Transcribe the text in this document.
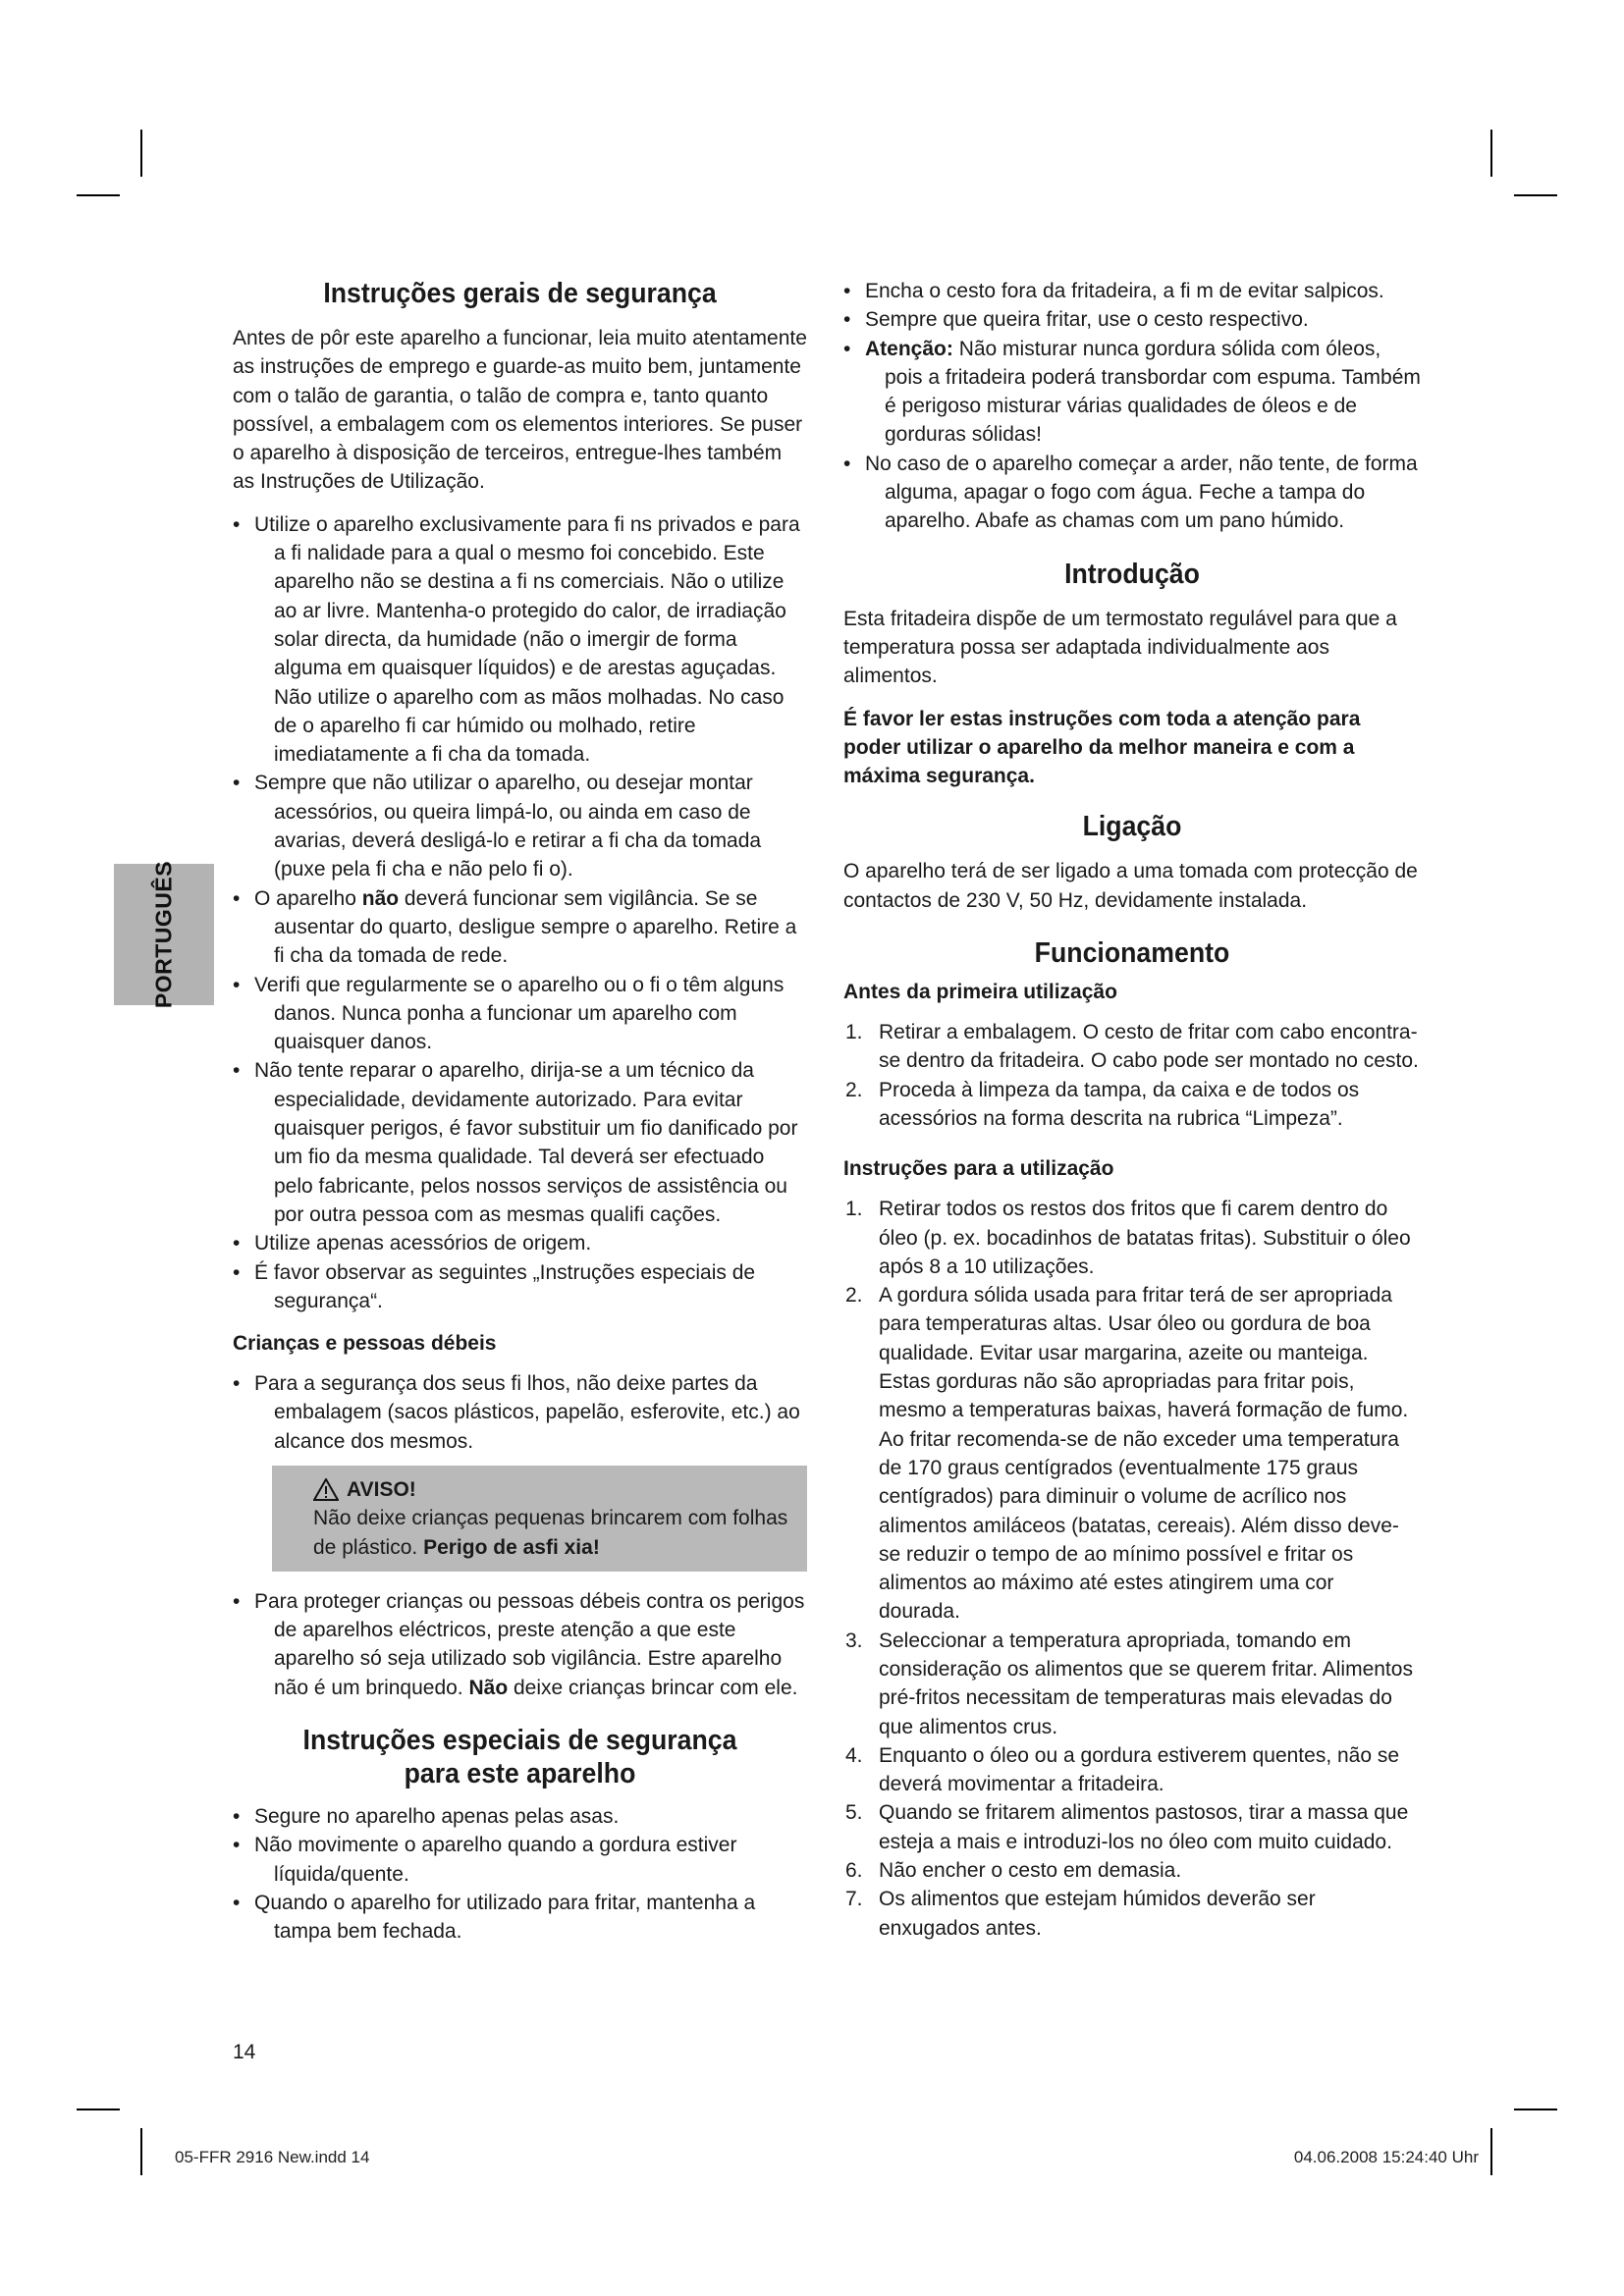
PORTUGUÊS
Instruções gerais de segurança

Antes de pôr este aparelho a funcionar, leia muito atentamente as instruções de emprego e guarde-as muito bem, juntamente com o talão de garantia, o talão de compra e, tanto quanto possível, a embalagem com os elementos interiores. Se puser o aparelho à disposição de terceiros, entregue-lhes também as Instruções de Utilização.

• Utilize o aparelho exclusivamente para fi ns privados e para a fi nalidade para a qual o mesmo foi concebido. Este aparelho não se destina a fi ns comerciais. Não o utilize ao ar livre. Mantenha-o protegido do calor, de irradiação solar directa, da humidade (não o imergir de forma alguma em quaisquer líquidos) e de arestas aguçadas. Não utilize o aparelho com as mãos molhadas. No caso de o aparelho fi car húmido ou molhado, retire imediatamente a fi cha da tomada.
• Sempre que não utilizar o aparelho, ou desejar montar acessórios, ou queira limpá-lo, ou ainda em caso de avarias, deverá desligá-lo e retirar a fi cha da tomada (puxe pela fi cha e não pelo fi o).
• O aparelho não deverá funcionar sem vigilância. Se se ausentar do quarto, desligue sempre o aparelho. Retire a fi cha da tomada de rede.
• Verifi que regularmente se o aparelho ou o fi o têm alguns danos. Nunca ponha a funcionar um aparelho com quaisquer danos.
• Não tente reparar o aparelho, dirija-se a um técnico da especialidade, devidamente autorizado. Para evitar quaisquer perigos, é favor substituir um fio danificado por um fio da mesma qualidade. Tal deverá ser efectuado pelo fabricante, pelos nossos serviços de assistência ou por outra pessoa com as mesmas qualifi cações.
• Utilize apenas acessórios de origem.
• É favor observar as seguintes „Instruções especiais de segurança“.
Crianças e pessoas débeis
• Para a segurança dos seus fi lhos, não deixe partes da embalagem (sacos plásticos, papelão, esferovite, etc.) ao alcance dos mesmos.
AVISO!
Não deixe crianças pequenas brincarem com folhas de plástico. Perigo de asfi xia!
• Para proteger crianças ou pessoas débeis contra os perigos de aparelhos eléctricos, preste atenção a que este aparelho só seja utilizado sob vigilância. Estre aparelho não é um brinquedo. Não deixe crianças brincar com ele.
Instruções especiais de segurança
para este aparelho
• Segure no aparelho apenas pelas asas.
• Não movimente o aparelho quando a gordura estiver líquida/quente.
• Quando o aparelho for utilizado para fritar, mantenha a tampa bem fechada.
• Encha o cesto fora da fritadeira, a fi m de evitar salpicos.
• Sempre que queira fritar, use o cesto respectivo.
• Atenção: Não misturar nunca gordura sólida com óleos, pois a fritadeira poderá transbordar com espuma. Também é perigoso misturar várias qualidades de óleos e de gorduras sólidas!
• No caso de o aparelho começar a arder, não tente, de forma alguma, apagar o fogo com água. Feche a tampa do aparelho. Abafe as chamas com um pano húmido.
Introdução

Esta fritadeira dispõe de um termostato regulável para que a temperatura possa ser adaptada individualmente aos alimentos.

É favor ler estas instruções com toda a atenção para poder utilizar o aparelho da melhor maneira e com a máxima segurança.

Ligação

O aparelho terá de ser ligado a uma tomada com protecção de contactos de 230 V, 50 Hz, devidamente instalada.

Funcionamento
Antes da primeira utilização
1. Retirar a embalagem. O cesto de fritar com cabo encontra-se dentro da fritadeira. O cabo pode ser montado no cesto.
2. Proceda à limpeza da tampa, da caixa e de todos os acessórios na forma descrita na rubrica “Limpeza”.
Instruções para a utilização
1. Retirar todos os restos dos fritos que fi carem dentro do óleo (p. ex. bocadinhos de batatas fritas). Substituir o óleo após 8 a 10 utilizações.
2. A gordura sólida usada para fritar terá de ser apropriada para temperaturas altas. Usar óleo ou gordura de boa qualidade. Evitar usar margarina, azeite ou manteiga. Estas gorduras não são apropriadas para fritar pois, mesmo a temperaturas baixas, haverá formação de fumo. Ao fritar recomenda-se de não exceder uma temperatura de 170 graus centígrados (eventualmente 175 graus centígrados) para diminuir o volume de acrílico nos alimentos amiláceos (batatas, cereais). Além disso deve-se reduzir o tempo de ao mínimo possível e fritar os alimentos ao máximo até estes atingirem uma cor dourada.
3. Seleccionar a temperatura apropriada, tomando em consideração os alimentos que se querem fritar. Alimentos pré-fritos necessitam de temperaturas mais elevadas do que alimentos crus.
4. Enquanto o óleo ou a gordura estiverem quentes, não se deverá movimentar a fritadeira.
5. Quando se fritarem alimentos pastosos, tirar a massa que esteja a mais e introduzi-los no óleo com muito cuidado.
6. Não encher o cesto em demasia.
7. Os alimentos que estejam húmidos deverão ser enxugados antes.
14
05-FFR 2916 New.indd 14	04.06.2008 15:24:40 Uhr
